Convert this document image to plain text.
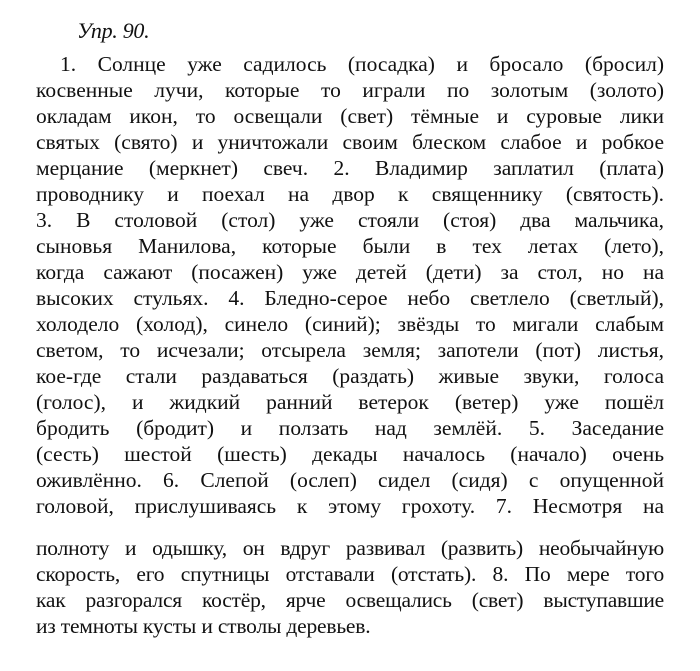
Упр. 90.
1. Солнце уже садилось (посадка) и бросало (бросил)
косвенные лучи, которые то играли по золотым (золото)
окладам икон, то освещали (свет) тёмные и суровые лики
святых (свято) и уничтожали своим блеском слабое и робкое
мерцание (меркнет) свеч. 2. Владимир заплатил (плата)
проводнику и поехал на двор к священнику (святость).
3. В столовой (стол) уже стояли (стоя) два мальчика,
сыновья Манилова, которые были в тех летах (лето),
когда сажают (посажен) уже детей (дети) за стол, но на
высоких стульях. 4. Бледно-серое небо светлело (светлый),
холодело (холод), синело (синий); звёзды то мигали слабым
светом, то исчезали; отсырела земля; запотели (пот) листья,
кое-где стали раздаваться (раздать) живые звуки, голоса
(голос), и жидкий ранний ветерок (ветер) уже пошёл
бродить (бродит) и ползать над землёй. 5. Заседание
(сесть) шестой (шесть) декады началось (начало) очень
оживлённо. 6. Слепой (ослеп) сидел (сидя) с опущенной
головой, прислушиваясь к этому грохоту. 7. Несмотря на
полноту и одышку, он вдруг развивал (развить) необычайную
скорость, его спутницы отставали (отстать). 8. По мере того
как разгорался костёр, ярче освещались (свет) выступавшие
из темноты кусты и стволы деревьев.
